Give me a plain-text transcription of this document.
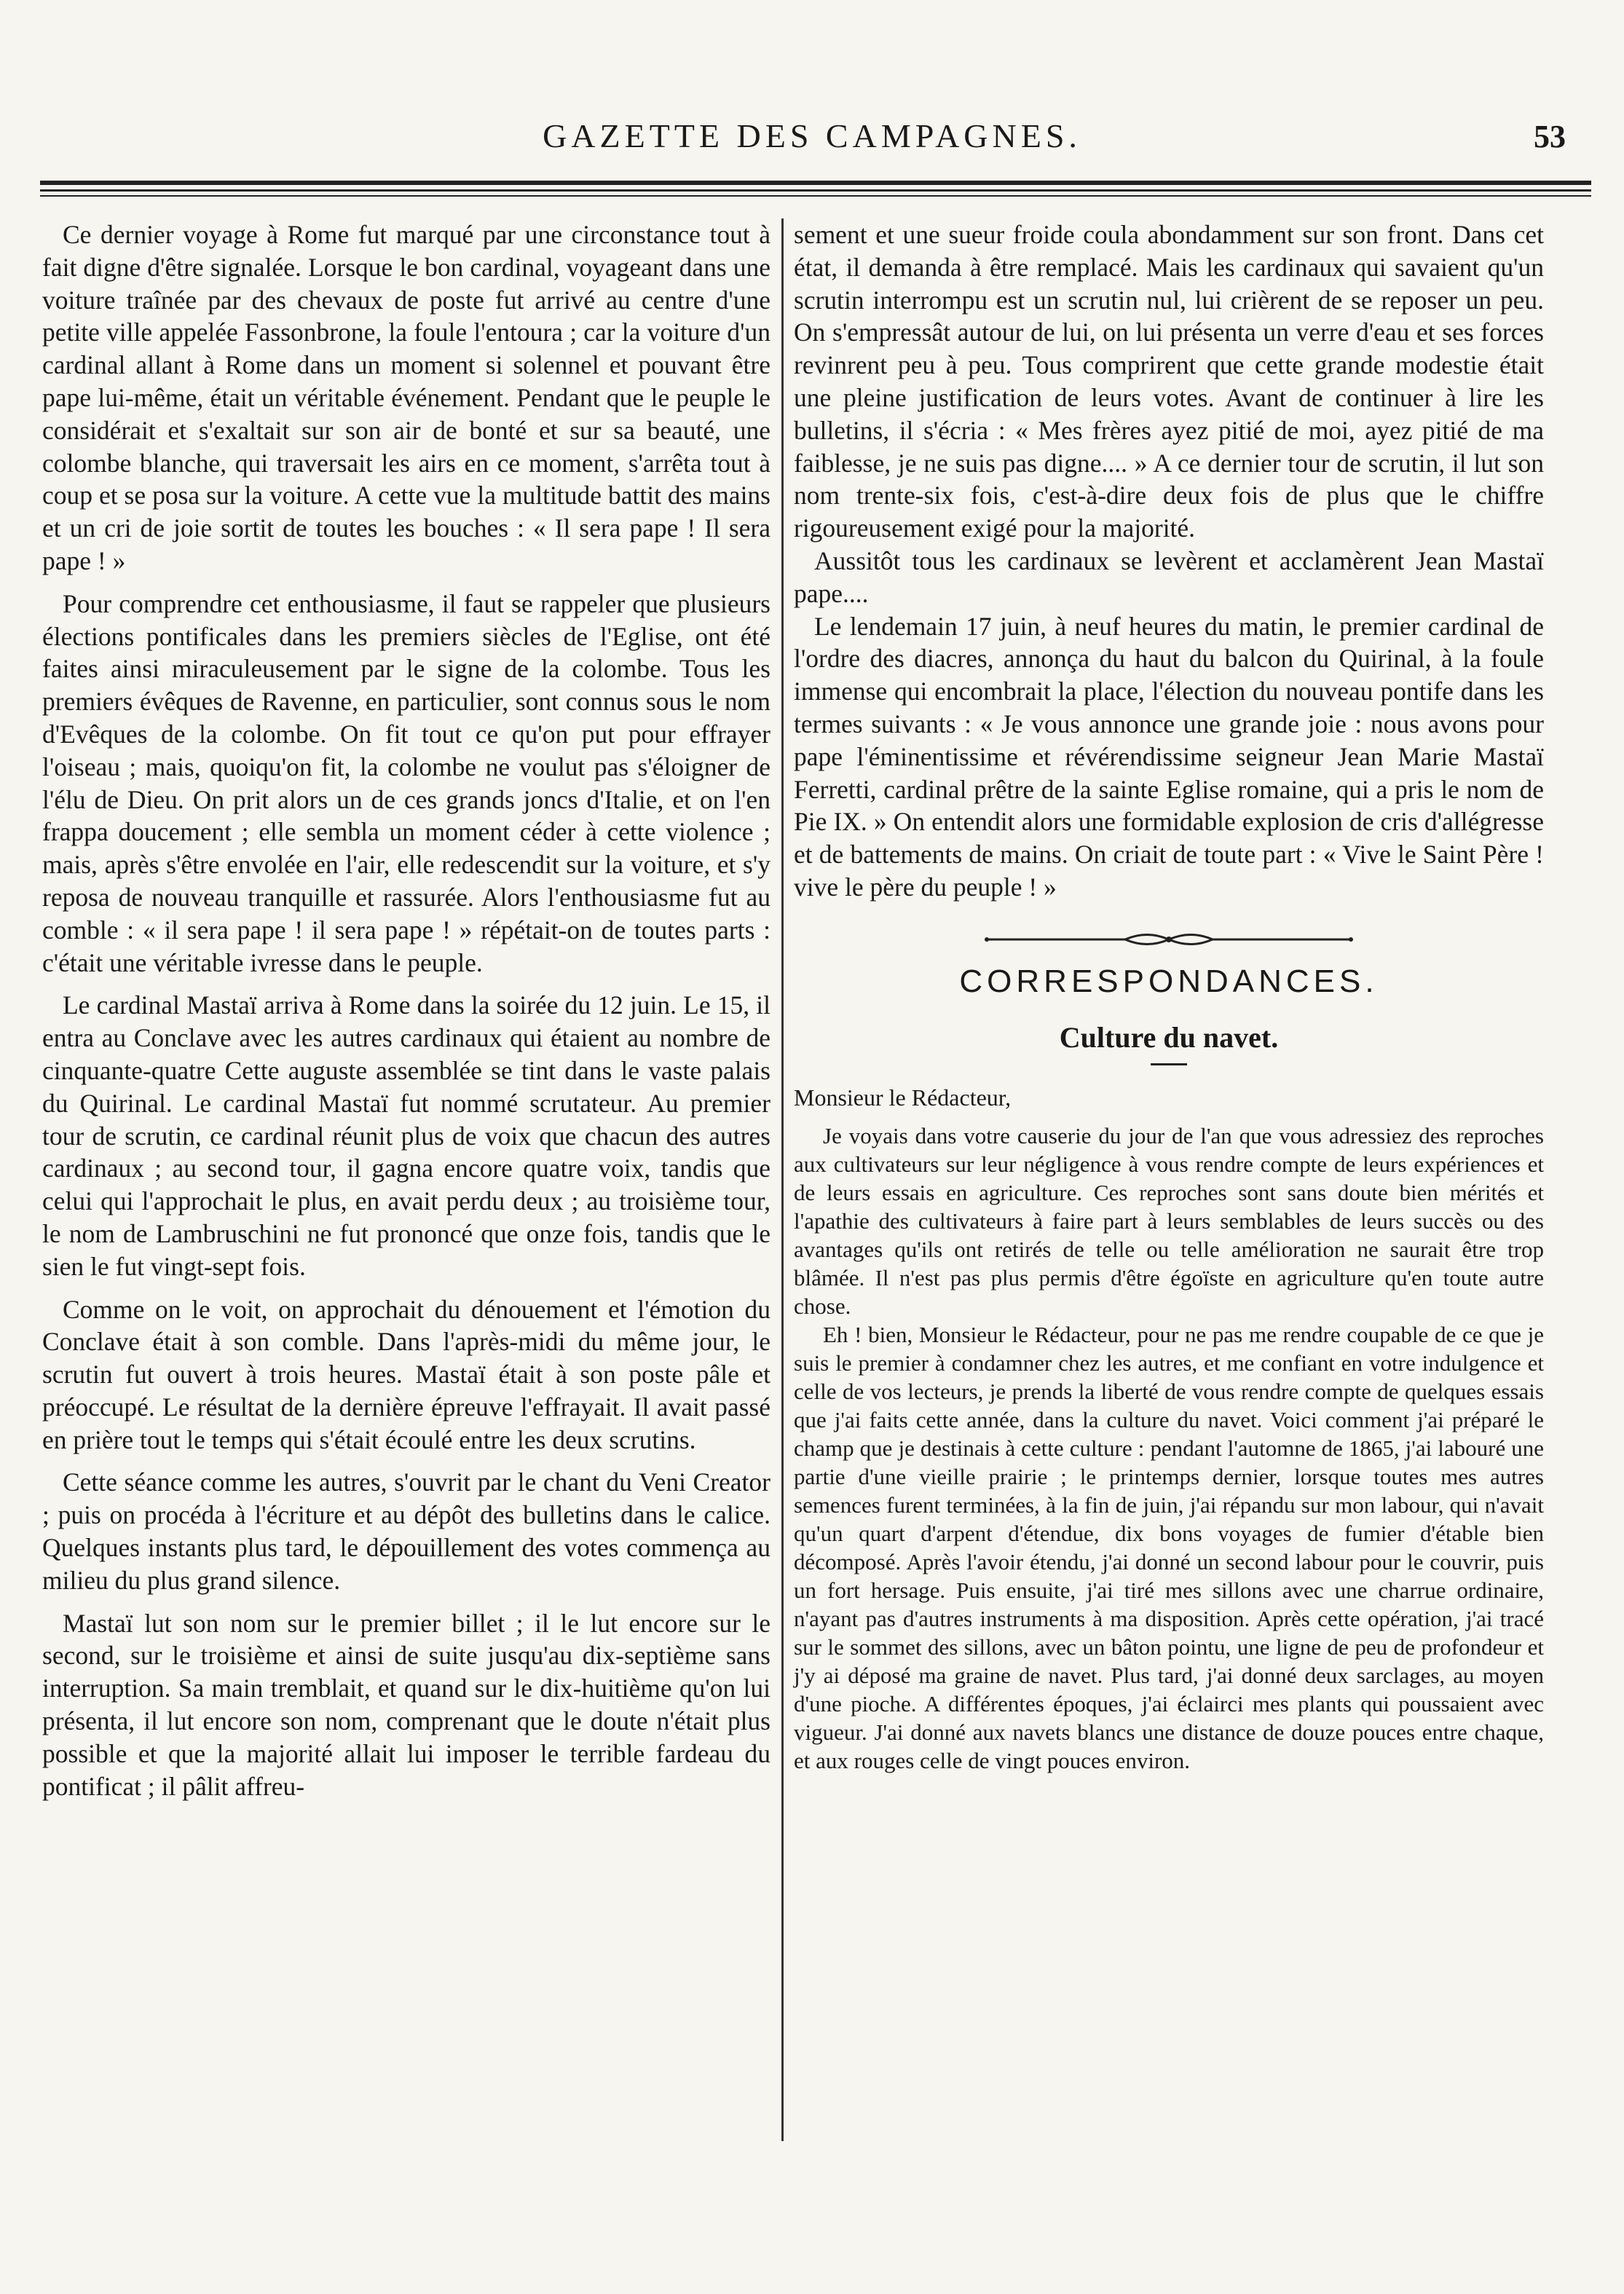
GAZETTE DES CAMPAGNES.	53

Ce dernier voyage à Rome fut marqué par une circonstance tout à fait digne d'être signalée. Lorsque le bon cardinal, voyageant dans une voiture traînée par des chevaux de poste fut arrivé au centre d'une petite ville appelée Fassonbrone, la foule l'entoura ; car la voiture d'un cardinal allant à Rome dans un moment si solennel et pouvant être pape lui-même, était un véritable événement. Pendant que le peuple le considérait et s'exaltait sur son air de bonté et sur sa beauté, une colombe blanche, qui traversait les airs en ce moment, s'arrêta tout à coup et se posa sur la voiture. A cette vue la multitude battit des mains et un cri de joie sortit de toutes les bouches : « Il sera pape ! Il sera pape ! »

Pour comprendre cet enthousiasme, il faut se rappeler que plusieurs élections pontificales dans les premiers siècles de l'Eglise, ont été faites ainsi miraculeusement par le signe de la colombe. Tous les premiers évêques de Ravenne, en particulier, sont connus sous le nom d'Evêques de la colombe. On fit tout ce qu'on put pour effrayer l'oiseau ; mais, quoiqu'on fit, la colombe ne voulut pas s'éloigner de l'élu de Dieu. On prit alors un de ces grands joncs d'Italie, et on l'en frappa doucement ; elle sembla un moment céder à cette violence ; mais, après s'être envolée en l'air, elle redescendit sur la voiture, et s'y reposa de nouveau tranquille et rassurée. Alors l'enthousiasme fut au comble : « il sera pape ! il sera pape ! » répétait-on de toutes parts : c'était une véritable ivresse dans le peuple.

Le cardinal Mastaï arriva à Rome dans la soirée du 12 juin. Le 15, il entra au Conclave avec les autres cardinaux qui étaient au nombre de cinquante-quatre Cette auguste assemblée se tint dans le vaste palais du Quirinal. Le cardinal Mastaï fut nommé scrutateur. Au premier tour de scrutin, ce cardinal réunit plus de voix que chacun des autres cardinaux ; au second tour, il gagna encore quatre voix, tandis que celui qui l'approchait le plus, en avait perdu deux ; au troisième tour, le nom de Lambruschini ne fut prononcé que onze fois, tandis que le sien le fut vingt-sept fois.

Comme on le voit, on approchait du dénouement et l'émotion du Conclave était à son comble. Dans l'après-midi du même jour, le scrutin fut ouvert à trois heures. Mastaï était à son poste pâle et préoccupé. Le résultat de la dernière épreuve l'effrayait. Il avait passé en prière tout le temps qui s'était écoulé entre les deux scrutins.

Cette séance comme les autres, s'ouvrit par le chant du Veni Creator ; puis on procéda à l'écriture et au dépôt des bulletins dans le calice. Quelques instants plus tard, le dépouillement des votes commença au milieu du plus grand silence.

Mastaï lut son nom sur le premier billet ; il le lut encore sur le second, sur le troisième et ainsi de suite jusqu'au dix-septième sans interruption. Sa main tremblait, et quand sur le dix-huitième qu'on lui présenta, il lut encore son nom, comprenant que le doute n'était plus possible et que la majorité allait lui imposer le terrible fardeau du pontificat ; il pâlit affreu-

sement et une sueur froide coula abondamment sur son front. Dans cet état, il demanda à être remplacé. Mais les cardinaux qui savaient qu'un scrutin interrompu est un scrutin nul, lui crièrent de se reposer un peu. On s'empressât autour de lui, on lui présenta un verre d'eau et ses forces revinrent peu à peu. Tous comprirent que cette grande modestie était une pleine justification de leurs votes. Avant de continuer à lire les bulletins, il s'écria : « Mes frères ayez pitié de moi, ayez pitié de ma faiblesse, je ne suis pas digne.... » A ce dernier tour de scrutin, il lut son nom trente-six fois, c'est-à-dire deux fois de plus que le chiffre rigoureusement exigé pour la majorité.

Aussitôt tous les cardinaux se levèrent et acclamèrent Jean Mastaï pape....

Le lendemain 17 juin, à neuf heures du matin, le premier cardinal de l'ordre des diacres, annonça du haut du balcon du Quirinal, à la foule immense qui encombrait la place, l'élection du nouveau pontife dans les termes suivants : « Je vous annonce une grande joie : nous avons pour pape l'éminentissime et révérendissime seigneur Jean Marie Mastaï Ferretti, cardinal prêtre de la sainte Eglise romaine, qui a pris le nom de Pie IX. » On entendit alors une formidable explosion de cris d'allégresse et de battements de mains. On criait de toute part : « Vive le Saint Père ! vive le père du peuple ! »

CORRESPONDANCES.
Culture du navet.
Monsieur le Rédacteur,

Je voyais dans votre causerie du jour de l'an que vous adressiez des reproches aux cultivateurs sur leur négligence à vous rendre compte de leurs expériences et de leurs essais en agriculture. Ces reproches sont sans doute bien mérités et l'apathie des cultivateurs à faire part à leurs semblables de leurs succès ou des avantages qu'ils ont retirés de telle ou telle amélioration ne saurait être trop blâmée. Il n'est pas plus permis d'être égoïste en agriculture qu'en toute autre chose.

Eh ! bien, Monsieur le Rédacteur, pour ne pas me rendre coupable de ce que je suis le premier à condamner chez les autres, et me confiant en votre indulgence et celle de vos lecteurs, je prends la liberté de vous rendre compte de quelques essais que j'ai faits cette année, dans la culture du navet. Voici comment j'ai préparé le champ que je destinais à cette culture : pendant l'automne de 1865, j'ai labouré une partie d'une vieille prairie ; le printemps dernier, lorsque toutes mes autres semences furent terminées, à la fin de juin, j'ai répandu sur mon labour, qui n'avait qu'un quart d'arpent d'étendue, dix bons voyages de fumier d'étable bien décomposé. Après l'avoir étendu, j'ai donné un second labour pour le couvrir, puis un fort hersage. Puis ensuite, j'ai tiré mes sillons avec une charrue ordinaire, n'ayant pas d'autres instruments à ma disposition. Après cette opération, j'ai tracé sur le sommet des sillons, avec un bâton pointu, une ligne de peu de profondeur et j'y ai déposé ma graine de navet. Plus tard, j'ai donné deux sarclages, au moyen d'une pioche. A différentes époques, j'ai éclairci mes plants qui poussaient avec vigueur. J'ai donné aux navets blancs une distance de douze pouces entre chaque, et aux rouges celle de vingt pouces environ.
